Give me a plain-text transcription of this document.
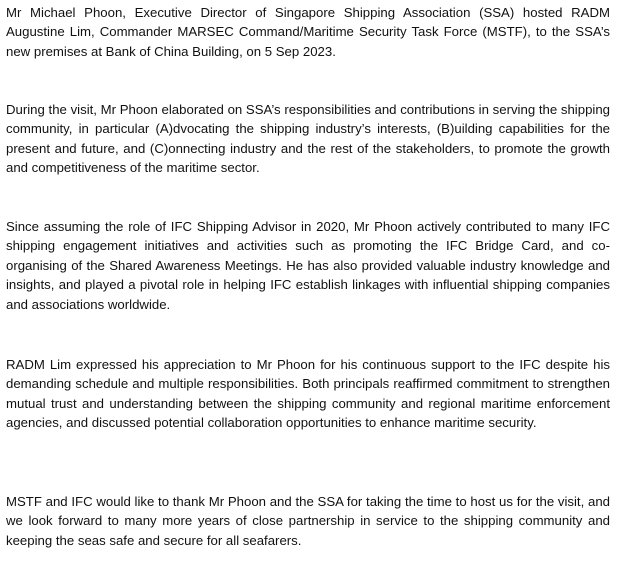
Mr Michael Phoon, Executive Director of Singapore Shipping Association (SSA) hosted RADM Augustine Lim, Commander MARSEC Command/Maritime Security Task Force (MSTF), to the SSA’s new premises at Bank of China Building, on 5 Sep 2023.

During the visit, Mr Phoon elaborated on SSA’s responsibilities and contributions in serving the shipping community, in particular (A)dvocating the shipping industry’s interests, (B)uilding capabilities for the present and future, and (C)onnecting industry and the rest of the stakeholders, to promote the growth and competitiveness of the maritime sector.

Since assuming the role of IFC Shipping Advisor in 2020, Mr Phoon actively contributed to many IFC shipping engagement initiatives and activities such as promoting the IFC Bridge Card, and co-organising of the Shared Awareness Meetings. He has also provided valuable industry knowledge and insights, and played a pivotal role in helping IFC establish linkages with influential shipping companies and associations worldwide.

RADM Lim expressed his appreciation to Mr Phoon for his continuous support to the IFC despite his demanding schedule and multiple responsibilities. Both principals reaffirmed commitment to strengthen mutual trust and understanding between the shipping community and regional maritime enforcement agencies, and discussed potential collaboration opportunities to enhance maritime security.

MSTF and IFC would like to thank Mr Phoon and the SSA for taking the time to host us for the visit, and we look forward to many more years of close partnership in service to the shipping community and keeping the seas safe and secure for all seafarers.
